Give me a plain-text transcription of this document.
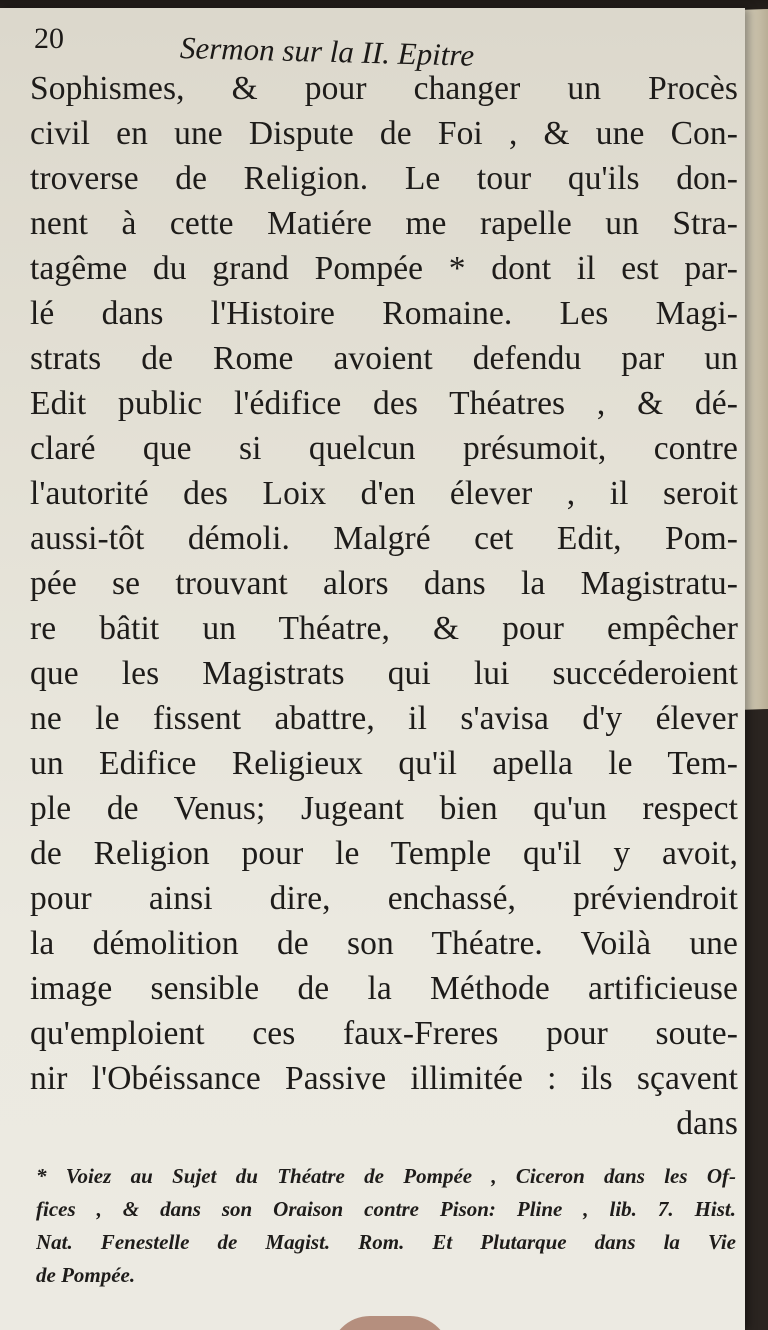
20	Sermon sur la II. Epitre
Sophismes, & pour changer un Procès
civil en une Dispute de Foi , & une Con-
troverse de Religion. Le tour qu'ils don-
nent à cette Matiére me rapelle un Stra-
tagême du grand Pompée * dont il est par-
lé dans l'Histoire Romaine. Les Magi-
strats de Rome avoient defendu par un
Edit public l'édifice des Théatres , & dé-
claré que si quelcun présumoit, contre
l'autorité des Loix d'en élever , il seroit
aussi-tôt démoli. Malgré cet Edit, Pom-
pée se trouvant alors dans la Magistratu-
re bâtit un Théatre, & pour empêcher
que les Magistrats qui lui succéderoient
ne le fissent abattre, il s'avisa d'y élever
un Edifice Religieux qu'il apella le Tem-
ple de Venus; Jugeant bien qu'un respect
de Religion pour le Temple qu'il y avoit,
pour ainsi dire, enchassé, préviendroit
la démolition de son Théatre. Voilà une
image sensible de la Méthode artificieuse
qu'emploient ces faux-Freres pour soute-
nir l'Obéissance Passive illimitée : ils sçavent
dans
* Voiez au Sujet du Théatre de Pompée , Ciceron dans les Of-
fices , & dans son Oraison contre Pison: Pline , lib. 7. Hist.
Nat. Fenestelle de Magist. Rom. Et Plutarque dans la Vie
de Pompée.
